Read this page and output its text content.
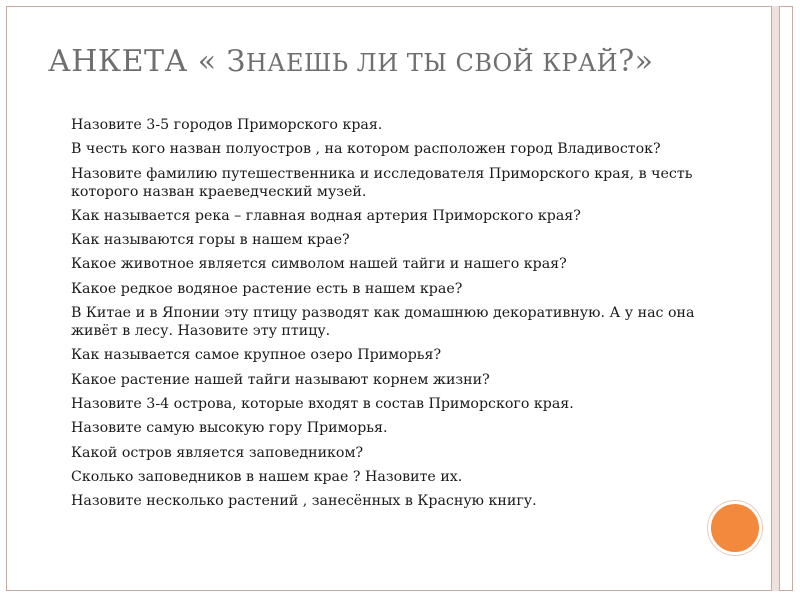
АНКЕТА « ЗНАЕШЬ ЛИ ТЫ СВОЙ КРАЙ?»
Назовите 3-5 городов Приморского края.
В честь кого назван полуостров , на котором расположен город Владивосток?
Назовите фамилию путешественника и исследователя Приморского края, в честь которого назван краеведческий музей.
Как называется река – главная водная артерия Приморского края?
Как называются горы в нашем крае?
Какое животное является символом нашей тайги и нашего края?
Какое редкое водяное растение есть в нашем крае?
В Китае и в Японии эту птицу разводят как домашнюю декоративную. А у нас она живёт в лесу. Назовите эту птицу.
Как называется самое крупное озеро Приморья?
Какое растение нашей тайги называют корнем жизни?
Назовите 3-4 острова, которые входят в состав Приморского края.
Назовите самую высокую гору Приморья.
Какой остров является заповедником?
Сколько заповедников в нашем крае ? Назовите их.
Назовите несколько растений , занесённых в Красную книгу.
